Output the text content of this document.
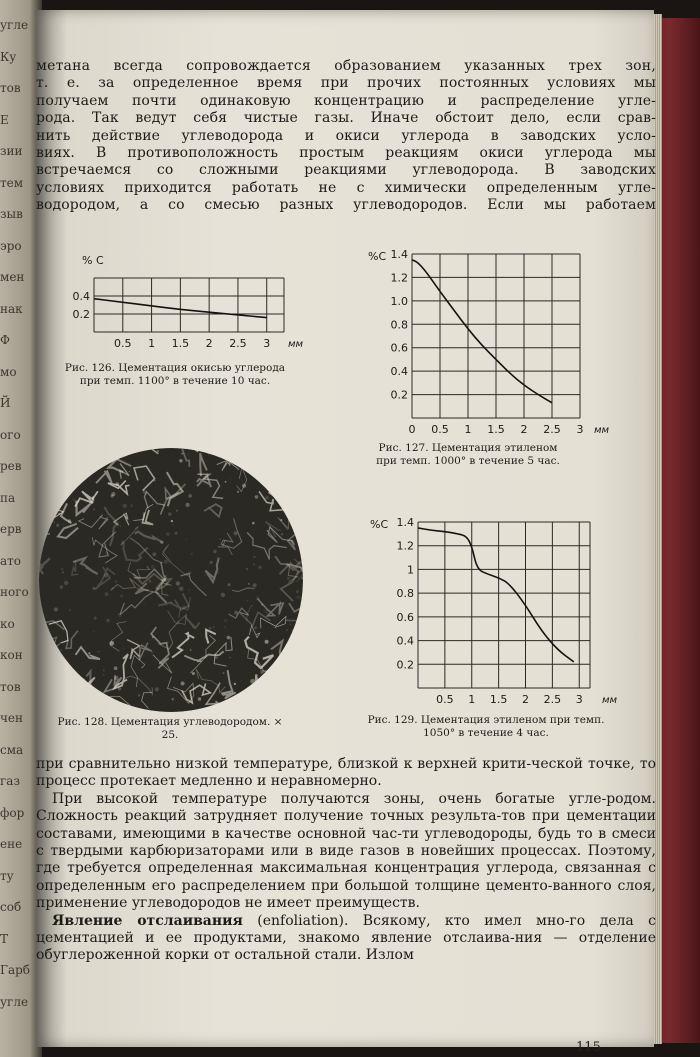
угле
Ку
тов
Е
зии
тем
зыв
эро
мен
нак
Ф
мо
Й
ого
рев
па
ерв
ато
ного
ко
кон
тов
чен
сма
газ
фор
ене
ту
соб
Т
Гарб
угле
метана всегда сопровождается образованием указанных трех зон,
т. е. за определенное время при прочих постоянных условиях мы
получаем почти одинаковую концентрацию и распределение угле-
рода. Так ведут себя чистые газы. Иначе обстоит дело, если срав-
нить действие углеводорода и окиси углерода в заводских усло-
виях. В противоположность простым реакциям окиси углерода мы
встречаемся со сложными реакциями углеводорода. В заводских
условиях приходится работать не с химически определенным угле-
водородом, а со смесью разных углеводородов. Если мы работаем
0.4
0.2
0.5 1 1.5 2 2.5 3 мм
% C
Рис. 126. Цементация окисью углерода при темп. 1100° в течение 10 час.
1.4
1.2
1.0
0.8
0.6
0.4
0.2
0 0.5 1 1.5 2 2.5 3 мм
%C
Рис. 127. Цементация этиленом при темп. 1000° в течение 5 час.
Рис. 128. Цементация углеводородом. × 25.
1.4
1.2
1
0.8
0.6
0.4
0.2
0.5 1 1.5 2 2.5 3 мм
%C
Рис. 129. Цементация этиленом при темп. 1050° в течение 4 час.

при сравнительно низкой температуре, близкой к верхней крити-ческой точке, то процесс протекает медленно и неравномерно.

При высокой температуре получаются зоны, очень богатые угле-родом. Сложность реакций затрудняет получение точных результа-тов при цементации составами, имеющими в качестве основной час-ти углеводороды, будь то в смеси с твердыми карбюризаторами или в виде газов в новейших процессах. Поэтому, где требуется определенная максимальная концентрация углерода, связанная с определенным его распределением при большой толщине цементо-ванного слоя, применение углеводородов не имеет преимуществ.

Явление отслаивания (enfoliation). Всякому, кто имел мно-го дела с цементацией и ее продуктами, знакомо явление отслаива-ния — отделение обуглероженной корки от остальной стали. Излом

115
